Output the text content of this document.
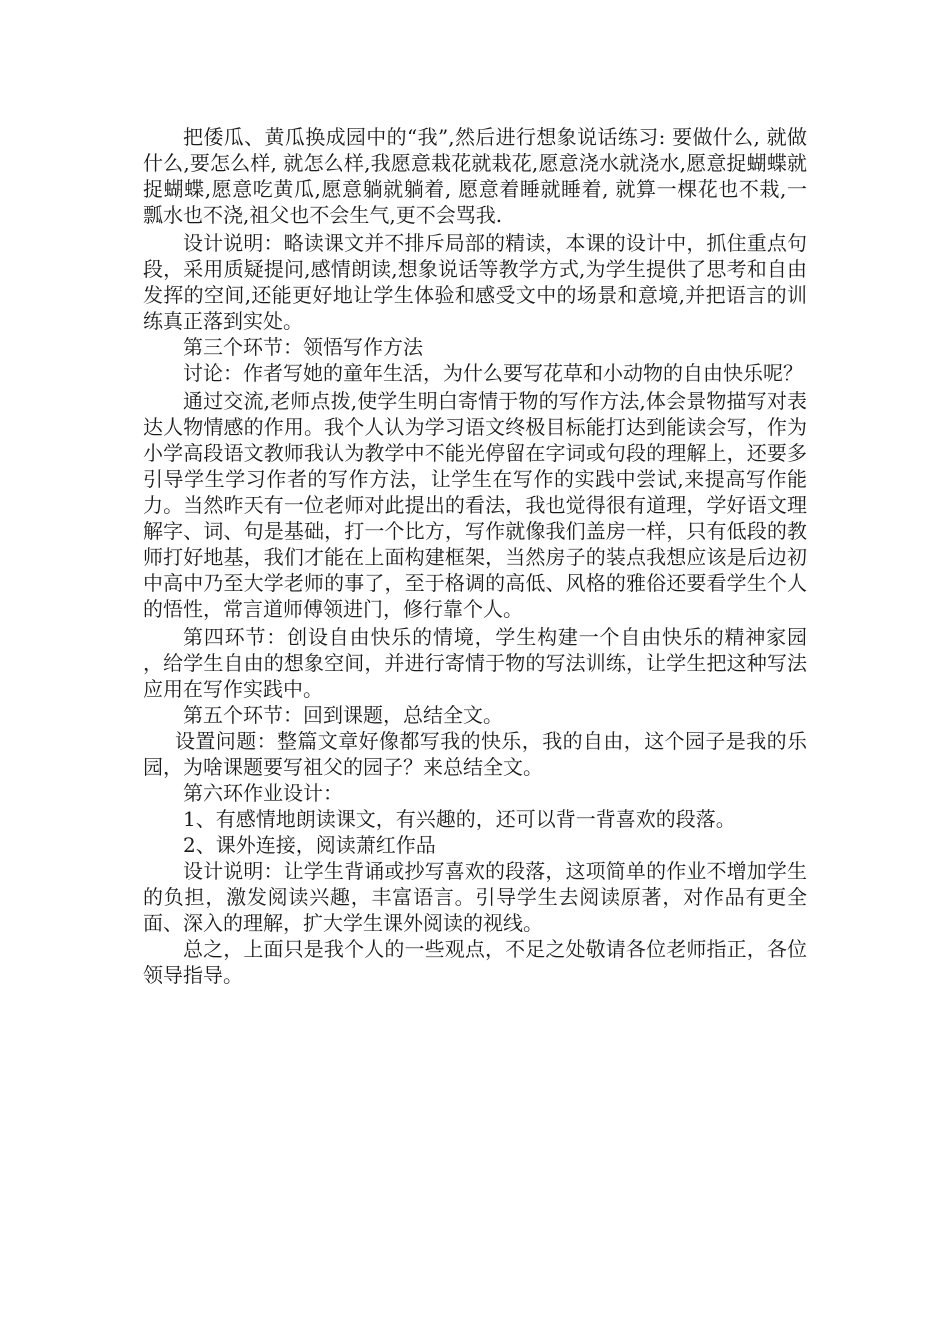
把倭瓜、黄瓜换成园中的“我”,然后进行想象说话练习: 要做什么, 就做什么,要怎么样, 就怎么样,我愿意栽花就栽花,愿意浇水就浇水,愿意捉蝴蝶就捉蝴蝶,愿意吃黄瓜,愿意躺就躺着, 愿意着睡就睡着, 就算一棵花也不栽,一瓢水也不浇,祖父也不会生气,更不会骂我.

设计说明：略读课文并不排斥局部的精读，本课的设计中，抓住重点句段，采用质疑提问,感情朗读,想象说话等教学方式,为学生提供了思考和自由发挥的空间,还能更好地让学生体验和感受文中的场景和意境,并把语言的训练真正落到实处。

第三个环节：领悟写作方法

讨论：作者写她的童年生活，为什么要写花草和小动物的自由快乐呢？

通过交流,老师点拨,使学生明白寄情于物的写作方法,体会景物描写对表达人物情感的作用。我个人认为学习语文终极目标能打达到能读会写，作为小学高段语文教师我认为教学中不能光停留在字词或句段的理解上，还要多引导学生学习作者的写作方法，让学生在写作的实践中尝试,来提高写作能力。当然昨天有一位老师对此提出的看法，我也觉得很有道理，学好语文理解字、词、句是基础，打一个比方，写作就像我们盖房一样，只有低段的教师打好地基，我们才能在上面构建框架，当然房子的装点我想应该是后边初中高中乃至大学老师的事了，至于格调的高低、风格的雅俗还要看学生个人的悟性，常言道师傅领进门，修行靠个人。

第四环节：创设自由快乐的情境，学生构建一个自由快乐的精神家园 ，给学生自由的想象空间，并进行寄情于物的写法训练，让学生把这种写法应用在写作实践中。

第五个环节：回到课题，总结全文。

设置问题：整篇文章好像都写我的快乐，我的自由，这个园子是我的乐园，为啥课题要写祖父的园子？来总结全文。

第六环作业设计：

1、有感情地朗读课文，有兴趣的，还可以背一背喜欢的段落。

2、课外连接，阅读萧红作品

设计说明：让学生背诵或抄写喜欢的段落，这项简单的作业不增加学生的负担，激发阅读兴趣，丰富语言。引导学生去阅读原著，对作品有更全面、深入的理解，扩大学生课外阅读的视线。

总之，上面只是我个人的一些观点，不足之处敬请各位老师指正，各位领导指导。
